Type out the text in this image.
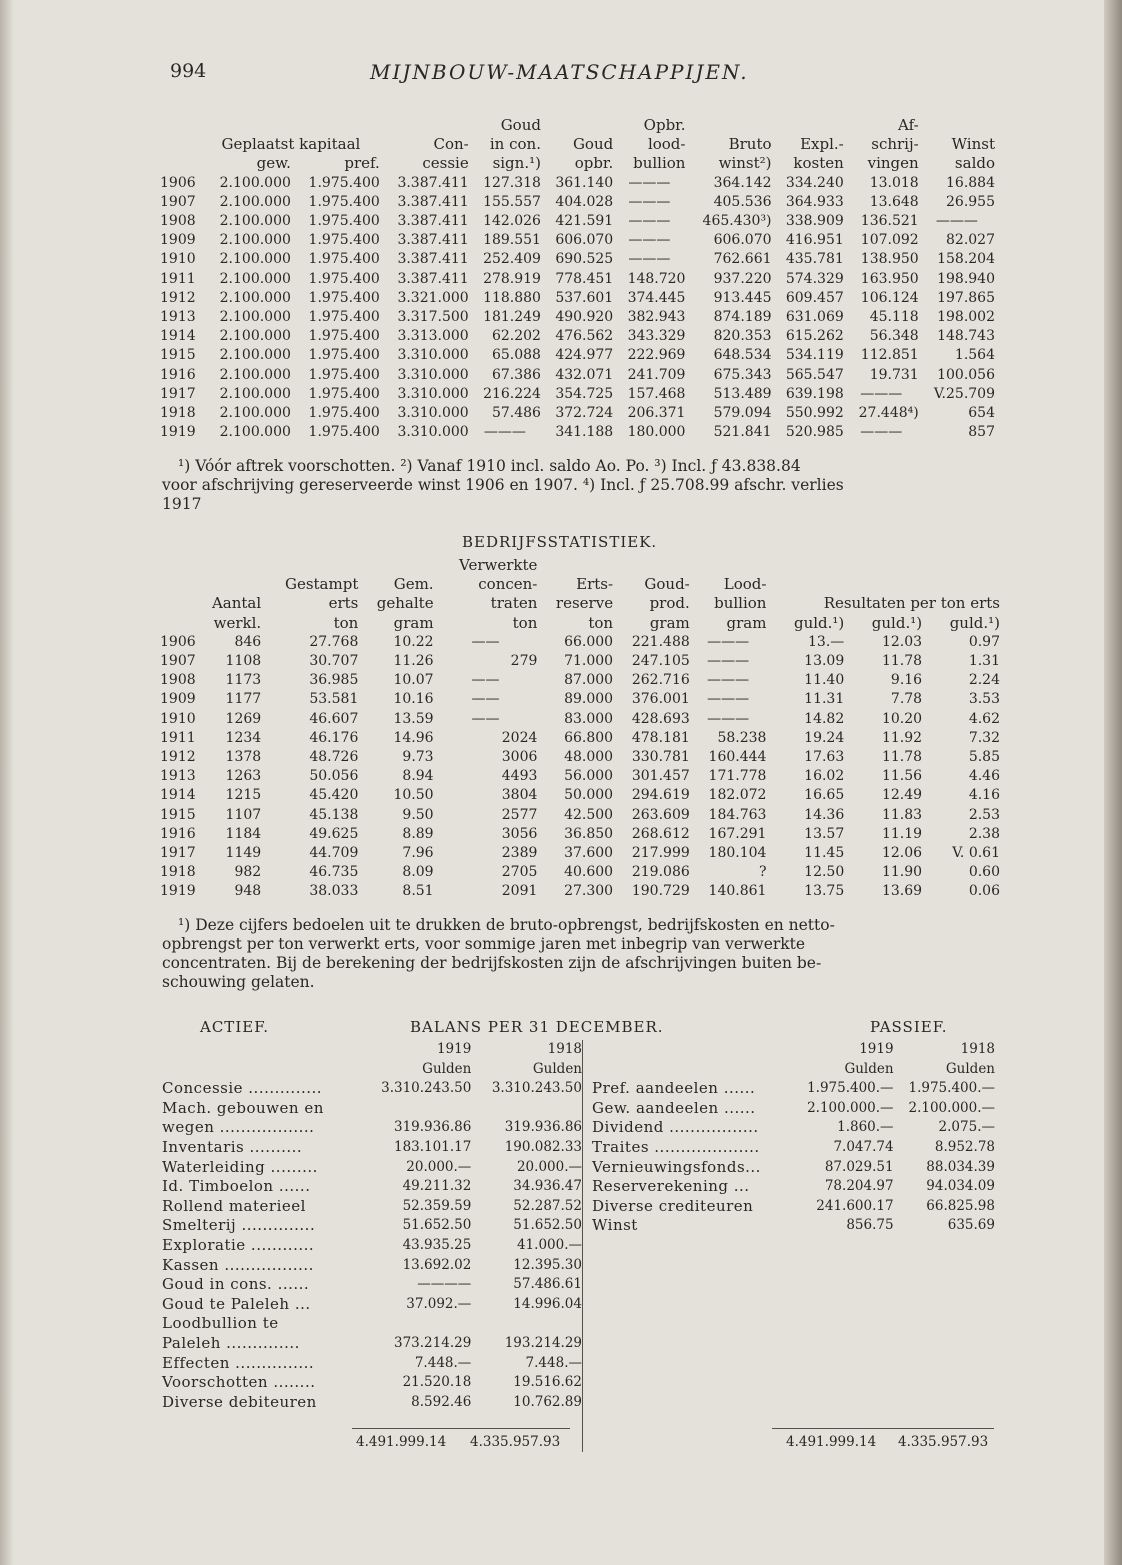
994	MIJNBOUW-MAATSCHAPPIJEN.
				Goud		Opbr.			Af-	
	Geplaatst kapitaal		Con-	in con.	Goud	lood-	Bruto	Expl.-	schrij-	Winst
	gew.	pref.	cessie	sign.¹)	opbr.	bullion	winst²)	kosten	vingen	saldo
1906	2.100.000	1.975.400	3.387.411	127.318	361.140	———	364.142	334.240	13.018	16.884
1907	2.100.000	1.975.400	3.387.411	155.557	404.028	———	405.536	364.933	13.648	26.955
1908	2.100.000	1.975.400	3.387.411	142.026	421.591	———	465.430³)	338.909	136.521	———
1909	2.100.000	1.975.400	3.387.411	189.551	606.070	———	606.070	416.951	107.092	82.027
1910	2.100.000	1.975.400	3.387.411	252.409	690.525	———	762.661	435.781	138.950	158.204
1911	2.100.000	1.975.400	3.387.411	278.919	778.451	148.720	937.220	574.329	163.950	198.940
1912	2.100.000	1.975.400	3.321.000	118.880	537.601	374.445	913.445	609.457	106.124	197.865
1913	2.100.000	1.975.400	3.317.500	181.249	490.920	382.943	874.189	631.069	45.118	198.002
1914	2.100.000	1.975.400	3.313.000	62.202	476.562	343.329	820.353	615.262	56.348	148.743
1915	2.100.000	1.975.400	3.310.000	65.088	424.977	222.969	648.534	534.119	112.851	1.564
1916	2.100.000	1.975.400	3.310.000	67.386	432.071	241.709	675.343	565.547	19.731	100.056
1917	2.100.000	1.975.400	3.310.000	216.224	354.725	157.468	513.489	639.198	———	V.25.709
1918	2.100.000	1.975.400	3.310.000	57.486	372.724	206.371	579.094	550.992	27.448⁴)	654
1919	2.100.000	1.975.400	3.310.000	———	341.188	180.000	521.841	520.985	———	857
¹) Vóór aftrek voorschotten. ²) Vanaf 1910 incl. saldo Ao. Po. ³) Incl. ƒ 43.838.84
voor afschrijving gereserveerde winst 1906 en 1907. ⁴) Incl. ƒ 25.708.99 afschr. verlies
1917
BEDRIJFSSTATISTIEK.
				Verwerkte						
		Gestampt	Gem.	concen-	Erts-	Goud-	Lood-			
	Aantal	erts	gehalte	traten	reserve	prod.	bullion	Resultaten per ton erts		
	werkl.	ton	gram	ton	ton	gram	gram	guld.¹)	guld.¹)	guld.¹)
1906	846	27.768	10.22	——	66.000	221.488	———	13.—	12.03	0.97
1907	1108	30.707	11.26	279	71.000	247.105	———	13.09	11.78	1.31
1908	1173	36.985	10.07	——	87.000	262.716	———	11.40	9.16	2.24
1909	1177	53.581	10.16	——	89.000	376.001	———	11.31	7.78	3.53
1910	1269	46.607	13.59	——	83.000	428.693	———	14.82	10.20	4.62
1911	1234	46.176	14.96	2024	66.800	478.181	58.238	19.24	11.92	7.32
1912	1378	48.726	9.73	3006	48.000	330.781	160.444	17.63	11.78	5.85
1913	1263	50.056	8.94	4493	56.000	301.457	171.778	16.02	11.56	4.46
1914	1215	45.420	10.50	3804	50.000	294.619	182.072	16.65	12.49	4.16
1915	1107	45.138	9.50	2577	42.500	263.609	184.763	14.36	11.83	2.53
1916	1184	49.625	8.89	3056	36.850	268.612	167.291	13.57	11.19	2.38
1917	1149	44.709	7.96	2389	37.600	217.999	180.104	11.45	12.06	V. 0.61
1918	982	46.735	8.09	2705	40.600	219.086	?	12.50	11.90	0.60
1919	948	38.033	8.51	2091	27.300	190.729	140.861	13.75	13.69	0.06
¹) Deze cijfers bedoelen uit te drukken de bruto-opbrengst, bedrijfskosten en netto-
opbrengst per ton verwerkt erts, voor sommige jaren met inbegrip van verwerkte
concentraten. Bij de berekening der bedrijfskosten zijn de afschrijvingen buiten be-
schouwing gelaten.
ACTIEF.	BALANS PER 31 DECEMBER.	PASSIEF.
	1919	1918
	Gulden	Gulden
Concessie ..............	3.310.243.50	3.310.243.50
Mach. gebouwen en		
wegen ..................	319.936.86	319.936.86
Inventaris ..........	183.101.17	190.082.33
Waterleiding .........	20.000.—	20.000.—
Id. Timboelon ......	49.211.32	34.936.47
Rollend materieel	52.359.59	52.287.52
Smelterij ..............	51.652.50	51.652.50
Exploratie ............	43.935.25	41.000.—
Kassen .................	13.692.02	12.395.30
Goud in cons. ......	————	57.486.61
Goud te Paleleh ...	37.092.—	14.996.04
Loodbullion te		
Paleleh ..............	373.214.29	193.214.29
Effecten ...............	7.448.—	7.448.—
Voorschotten ........	21.520.18	19.516.62
Diverse debiteuren	8.592.46	10.762.89
	1919	1918
	Gulden	Gulden
Pref. aandeelen ......	1.975.400.—	1.975.400.—
Gew. aandeelen ......	2.100.000.—	2.100.000.—
Dividend .................	1.860.—	2.075.—
Traites ....................	7.047.74	8.952.78
Vernieuwingsfonds...	87.029.51	88.034.39
Reserverekening ...	78.204.97	94.034.09
Diverse crediteuren	241.600.17	66.825.98
Winst	856.75	635.69
4.491.999.14 4.335.957.93	4.491.999.14 4.335.957.93
